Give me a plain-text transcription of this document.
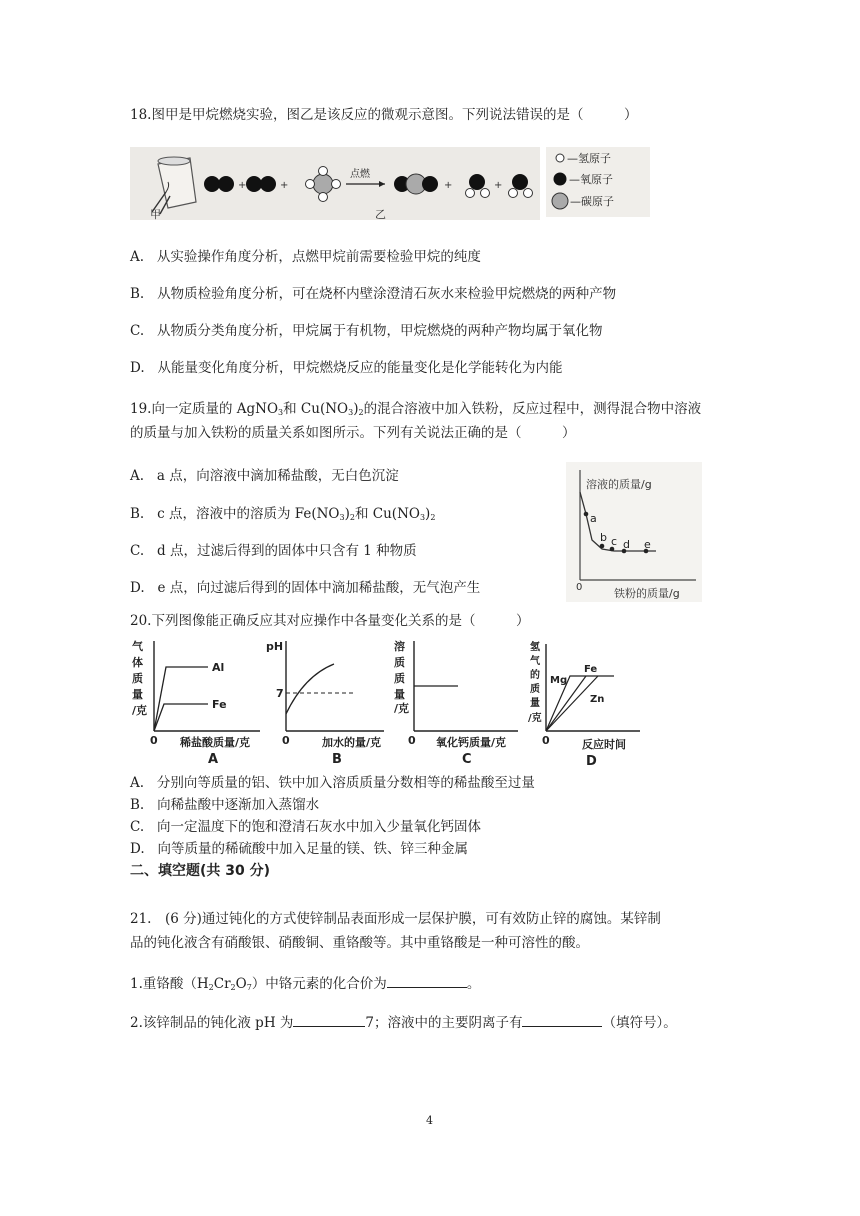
18.图甲是甲烷燃烧实验，图乙是该反应的微观示意图。下列说法错误的是（　　　）
甲
+	+
点燃
+	+
乙
—氢原子
—氧原子
—碳原子
A. 从实验操作角度分析，点燃甲烷前需要检验甲烷的纯度
B. 从物质检验角度分析，可在烧杯内壁涂澄清石灰水来检验甲烷燃烧的两种产物
C. 从物质分类角度分析，甲烷属于有机物，甲烷燃烧的两种产物均属于氧化物
D. 从能量变化角度分析，甲烷燃烧反应的能量变化是化学能转化为内能
19.向一定质量的 AgNO$_3$和 $Cu(NO_3)_2$的混合溶液中加入铁粉，反应过程中，测得混合物中溶液
的质量与加入铁粉的质量关系如图所示。下列有关说法正确的是（　　　）
A. a 点，向溶液中滴加稀盐酸，无白色沉淀
B. c 点，溶液中的溶质为 $Fe(NO_3)_2$和 $Cu(NO_3)_2$
C. d 点，过滤后得到的固体中只含有 1 种物质
D. e 点，向过滤后得到的固体中滴加稀盐酸，无气泡产生
溶液的质量/g
铁粉的质量/g
0
a
b c d e
20.下列图像能正确反应其对应操作中各量变化关系的是（　　　）
气
体
质
量
/克
Al
Fe
0 稀盐酸质量/克
A
pH
7
0	加水的量/克
B
溶
质
质
量
/克
0 氧化钙质量/克
C
氢
气
的
质
量
/克
Mg
Fe
Zn
0	反应时间
D
A. 分别向等质量的铝、铁中加入溶质质量分数相等的稀盐酸至过量
B. 向稀盐酸中逐渐加入蒸馏水
C. 向一定温度下的饱和澄清石灰水中加入少量氧化钙固体
D. 向等质量的稀硫酸中加入足量的镁、铁、锌三种金属
二、填空题(共 30 分)
21.　(6 分)通过钝化的方式使锌制品表面形成一层保护膜，可有效防止锌的腐蚀。某锌制
品的钝化液含有硝酸银、硝酸铜、重铬酸等。其中重铬酸是一种可溶性的酸。
1.重铬酸$(H_2Cr_2O_7)$中铬元素的化合价为	。
2.该锌制品的钝化液 pH 为	7；溶液中的主要阴离子有	（填符号）。
4
